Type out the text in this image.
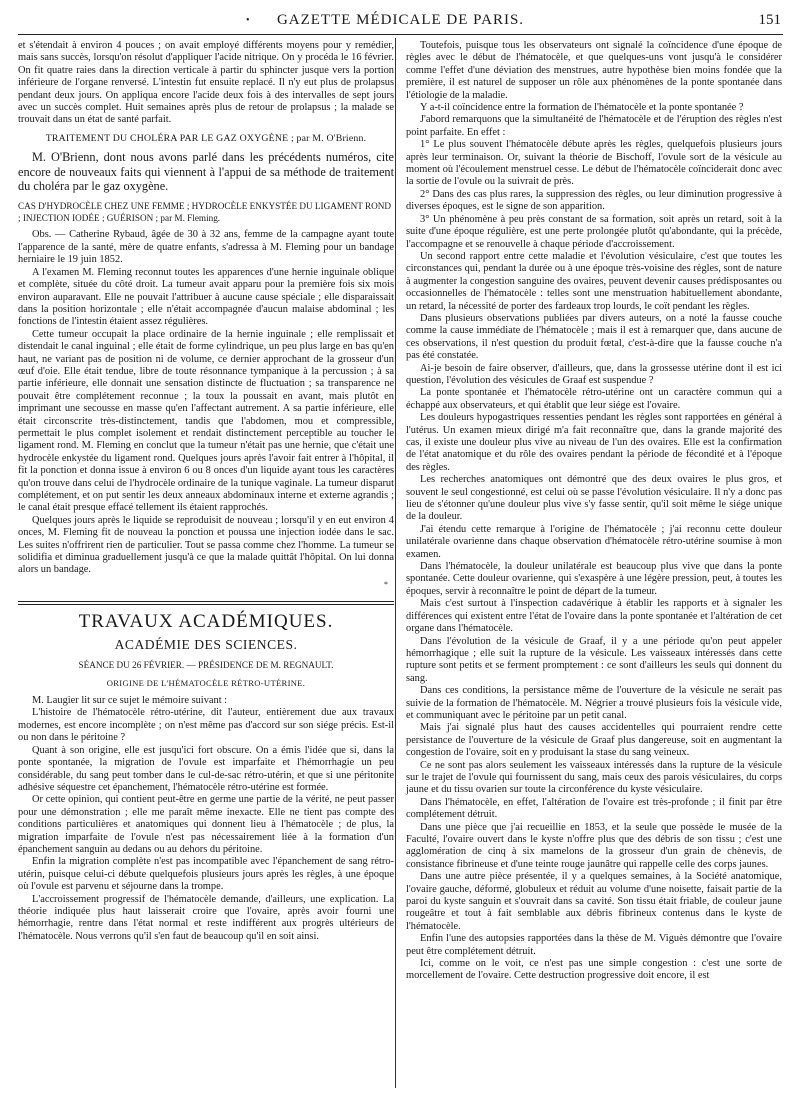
•	GAZETTE MÉDICALE DE PARIS.	151

et s'étendait à environ 4 pouces ; on avait employé différents moyens pour y remédier, mais sans succès, lorsqu'on résolut d'appliquer l'acide nitrique. On y procéda le 16 février. On fit quatre raies dans la direction verticale à partir du sphincter jusque vers la portion inférieure de l'organe renversé. L'intestin fut ensuite replacé. Il n'y eut plus de prolapsus pendant deux jours. On appliqua encore l'acide deux fois à des intervalles de sept jours avec un succès complet. Huit semaines après plus de retour de prolapsus ; la malade se trouvait dans un état de santé parfait.

TRAITEMENT DU CHOLÉRA PAR LE GAZ OXYGÈNE ; par M. O'Brienn.

M. O'Brienn, dont nous avons parlé dans les précédents numéros, cite encore de nouveaux faits qui viennent à l'appui de sa méthode de traitement du choléra par le gaz oxygène.

CAS D'HYDROCÈLE CHEZ UNE FEMME ; HYDROCÈLE ENKYSTÉE DU LIGAMENT ROND ; INJECTION IODÉE ; GUÉRISON ; par M. Fleming.

Obs. — Catherine Rybaud, âgée de 30 à 32 ans, femme de la campagne ayant toute l'apparence de la santé, mère de quatre enfants, s'adressa à M. Fleming pour un bandage herniaire le 19 juin 1852.

A l'examen M. Fleming reconnut toutes les apparences d'une hernie inguinale oblique et complète, située du côté droit. La tumeur avait apparu pour la première fois six mois environ auparavant. Elle ne pouvait l'attribuer à aucune cause spéciale ; elle disparaissait dans la position horizontale ; elle n'était accompagnée d'aucun malaise abdominal ; les fonctions de l'intestin étaient assez régulières.

Cette tumeur occupait la place ordinaire de la hernie inguinale ; elle remplissait et distendait le canal inguinal ; elle était de forme cylindrique, un peu plus large en bas qu'en haut, ne variant pas de position ni de volume, ce dernier approchant de la grosseur d'un œuf d'oie. Elle était tendue, libre de toute résonnance tympanique à la percussion ; à sa partie inférieure, elle donnait une sensation distincte de fluctuation ; sa transparence ne pouvait être complétement reconnue ; la toux la poussait en avant, mais plutôt en imprimant une secousse en masse qu'en l'affectant autrement. A sa partie inférieure, elle était circonscrite très-distinctement, tandis que l'abdomen, mou et compressible, permettait le plus complet isolement et rendait distinctement perceptible au toucher le ligament rond. M. Fleming en conclut que la tumeur n'était pas une hernie, que c'était une hydrocèle enkystée du ligament rond. Quelques jours après l'avoir fait entrer à l'hôpital, il fit la ponction et donna issue à environ 6 ou 8 onces d'un liquide ayant tous les caractères qu'on trouve dans celui de l'hydrocèle ordinaire de la tunique vaginale. La tumeur disparut complétement, et on put sentir les deux anneaux abdominaux interne et externe agrandis ; le canal était presque effacé tellement ils étaient rapprochés.

Quelques jours après le liquide se reproduisit de nouveau ; lorsqu'il y en eut environ 4 onces, M. Fleming fit de nouveau la ponction et poussa une injection iodée dans le sac. Les suites n'offrirent rien de particulier. Tout se passa comme chez l'homme. La tumeur se solidifia et diminua graduellement jusqu'à ce que la malade quittât l'hôpital. On lui donna alors un bandage.

*

TRAVAUX ACADÉMIQUES.

ACADÉMIE DES SCIENCES.

SÉANCE DU 26 FÉVRIER. — PRÉSIDENCE DE M. REGNAULT.

ORIGINE DE L'HÉMATOCÈLE RÉTRO-UTÉRINE.

M. Laugier lit sur ce sujet le mémoire suivant :

L'histoire de l'hématocèle rétro-utérine, dit l'auteur, entièrement due aux travaux modernes, est encore incomplète ; on n'est même pas d'accord sur son siége précis. Est-il ou non dans le péritoine ?

Quant à son origine, elle est jusqu'ici fort obscure. On a émis l'idée que si, dans la ponte spontanée, la migration de l'ovule est imparfaite et l'hémorrhagie un peu considérable, du sang peut tomber dans le cul-de-sac rétro-utérin, et que si une péritonite adhésive séquestre cet épanchement, l'hématocèle rétro-utérine est formée.

Or cette opinion, qui contient peut-être en germe une partie de la vérité, ne peut passer pour une démonstration ; elle me paraît même inexacte. Elle ne tient pas compte des conditions particulières et anatomiques qui donnent lieu à l'hématocèle ; de plus, la migration imparfaite de l'ovule n'est pas nécessairement liée à la formation d'un épanchement sanguin au dedans ou au dehors du péritoine.

Enfin la migration complète n'est pas incompatible avec l'épanchement de sang rétro-utérin, puisque celui-ci débute quelquefois plusieurs jours après les règles, à une époque où l'ovule est parvenu et séjourne dans la trompe.

L'accroissement progressif de l'hématocèle demande, d'ailleurs, une explication. La théorie indiquée plus haut laisserait croire que l'ovaire, après avoir fourni une hémorrhagie, rentre dans l'état normal et reste indifférent aux progrès ultérieurs de l'hématocèle. Nous verrons qu'il s'en faut de beaucoup qu'il en soit ainsi.

Toutefois, puisque tous les observateurs ont signalé la coïncidence d'une époque de règles avec le début de l'hématocèle, et que quelques-uns vont jusqu'à le considérer comme l'effet d'une déviation des menstrues, autre hypothèse bien moins fondée que la première, il est naturel de supposer un rôle aux phénomènes de la ponte spontanée dans l'étiologie de la maladie.

Y a-t-il coïncidence entre la formation de l'hématocèle et la ponte spontanée ?

J'abord remarquons que la simultanéité de l'hématocèle et de l'éruption des règles n'est point parfaite. En effet :

1° Le plus souvent l'hématocèle débute après les règles, quelquefois plusieurs jours après leur terminaison. Or, suivant la théorie de Bischoff, l'ovule sort de la vésicule au moment où l'écoulement menstruel cesse. Le début de l'hématocèle coïnciderait donc avec la sortie de l'ovule ou la suivrait de près.

2° Dans des cas plus rares, la suppression des règles, ou leur diminution progressive à diverses époques, est le signe de son apparition.

3° Un phénomène à peu près constant de sa formation, soit après un retard, soit à la suite d'une époque régulière, est une perte prolongée plutôt qu'abondante, qui la précède, l'accompagne et se renouvelle à chaque période d'accroissement.

Un second rapport entre cette maladie et l'évolution vésiculaire, c'est que toutes les circonstances qui, pendant la durée ou à une époque très-voisine des règles, sont de nature à augmenter la congestion sanguine des ovaires, peuvent devenir causes prédisposantes ou occasionnelles de l'hématocèle : telles sont une menstruation habituellement abondante, un retard, la nécessité de porter des fardeaux trop lourds, le coït pendant les règles.

Dans plusieurs observations publiées par divers auteurs, on a noté la fausse couche comme la cause immédiate de l'hématocèle ; mais il est à remarquer que, dans aucune de ces observations, il n'est question du produit fœtal, c'est-à-dire que la fausse couche n'a pas été constatée.

Ai-je besoin de faire observer, d'ailleurs, que, dans la grossesse utérine dont il est ici question, l'évolution des vésicules de Graaf est suspendue ?

La ponte spontanée et l'hématocèle rétro-utérine ont un caractère commun qui a échappé aux observateurs, et qui établit que leur siége est l'ovaire.

Les douleurs hypogastriques ressenties pendant les règles sont rapportées en général à l'utérus. Un examen mieux dirigé m'a fait reconnaître que, dans la grande majorité des cas, il existe une douleur plus vive au niveau de l'un des ovaires. Elle est la confirmation de l'état anatomique et du rôle des ovaires pendant la période de fécondité et à l'époque des règles.

Les recherches anatomiques ont démontré que des deux ovaires le plus gros, et souvent le seul congestionné, est celui où se passe l'évolution vésiculaire. Il n'y a donc pas lieu de s'étonner qu'une douleur plus vive s'y fasse sentir, qu'il soit même le siége unique de la douleur.

J'ai étendu cette remarque à l'origine de l'hématocèle ; j'ai reconnu cette douleur unilatérale ovarienne dans chaque observation d'hématocèle rétro-utérine soumise à mon examen.

Dans l'hématocèle, la douleur unilatérale est beaucoup plus vive que dans la ponte spontanée. Cette douleur ovarienne, qui s'exaspère à une légère pression, peut, à toutes les époques, servir à reconnaître le point de départ de la tumeur.

Mais c'est surtout à l'inspection cadavérique à établir les rapports et à signaler les différences qui existent entre l'état de l'ovaire dans la ponte spontanée et l'altération de cet organe dans l'hématocèle.

Dans l'évolution de la vésicule de Graaf, il y a une période qu'on peut appeler hémorrhagique ; elle suit la rupture de la vésicule. Les vaisseaux intéressés dans cette rupture sont petits et se ferment promptement : ce sont d'ailleurs les seuls qui donnent du sang.

Dans ces conditions, la persistance même de l'ouverture de la vésicule ne serait pas suivie de la formation de l'hématocèle. M. Négrier a trouvé plusieurs fois la vésicule vide, et communiquant avec le péritoine par un petit canal.

Mais j'ai signalé plus haut des causes accidentelles qui pourraient rendre cette persistance de l'ouverture de la vésicule de Graaf plus dangereuse, soit en augmentant la congestion de l'ovaire, soit en y produisant la stase du sang veineux.

Ce ne sont pas alors seulement les vaisseaux intéressés dans la rupture de la vésicule sur le trajet de l'ovule qui fournissent du sang, mais ceux des parois vésiculaires, du corps jaune et du tissu ovarien sur toute la circonférence du kyste vésiculaire.

Dans l'hématocèle, en effet, l'altération de l'ovaire est très-profonde ; il finit par être complétement détruit.

Dans une pièce que j'ai recueillie en 1853, et la seule que possède le musée de la Faculté, l'ovaire ouvert dans le kyste n'offre plus que des débris de son tissu ; c'est une agglomération de cinq à six mamelons de la grosseur d'un grain de chènevis, de consistance fibrineuse et d'une teinte rouge jaunâtre qui rappelle celle des corps jaunes.

Dans une autre pièce présentée, il y a quelques semaines, à la Société anatomique, l'ovaire gauche, déformé, globuleux et réduit au volume d'une noisette, faisait partie de la paroi du kyste sanguin et s'ouvrait dans sa cavité. Son tissu était friable, de couleur jaune rougeâtre et tout à fait semblable aux débris fibrineux contenus dans le kyste de l'hématocèle.

Enfin l'une des autopsies rapportées dans la thèse de M. Viguès démontre que l'ovaire peut être complétement détruit.

Ici, comme on le voit, ce n'est pas une simple congestion : c'est une sorte de morcellement de l'ovaire. Cette destruction progressive doit encore, il est
